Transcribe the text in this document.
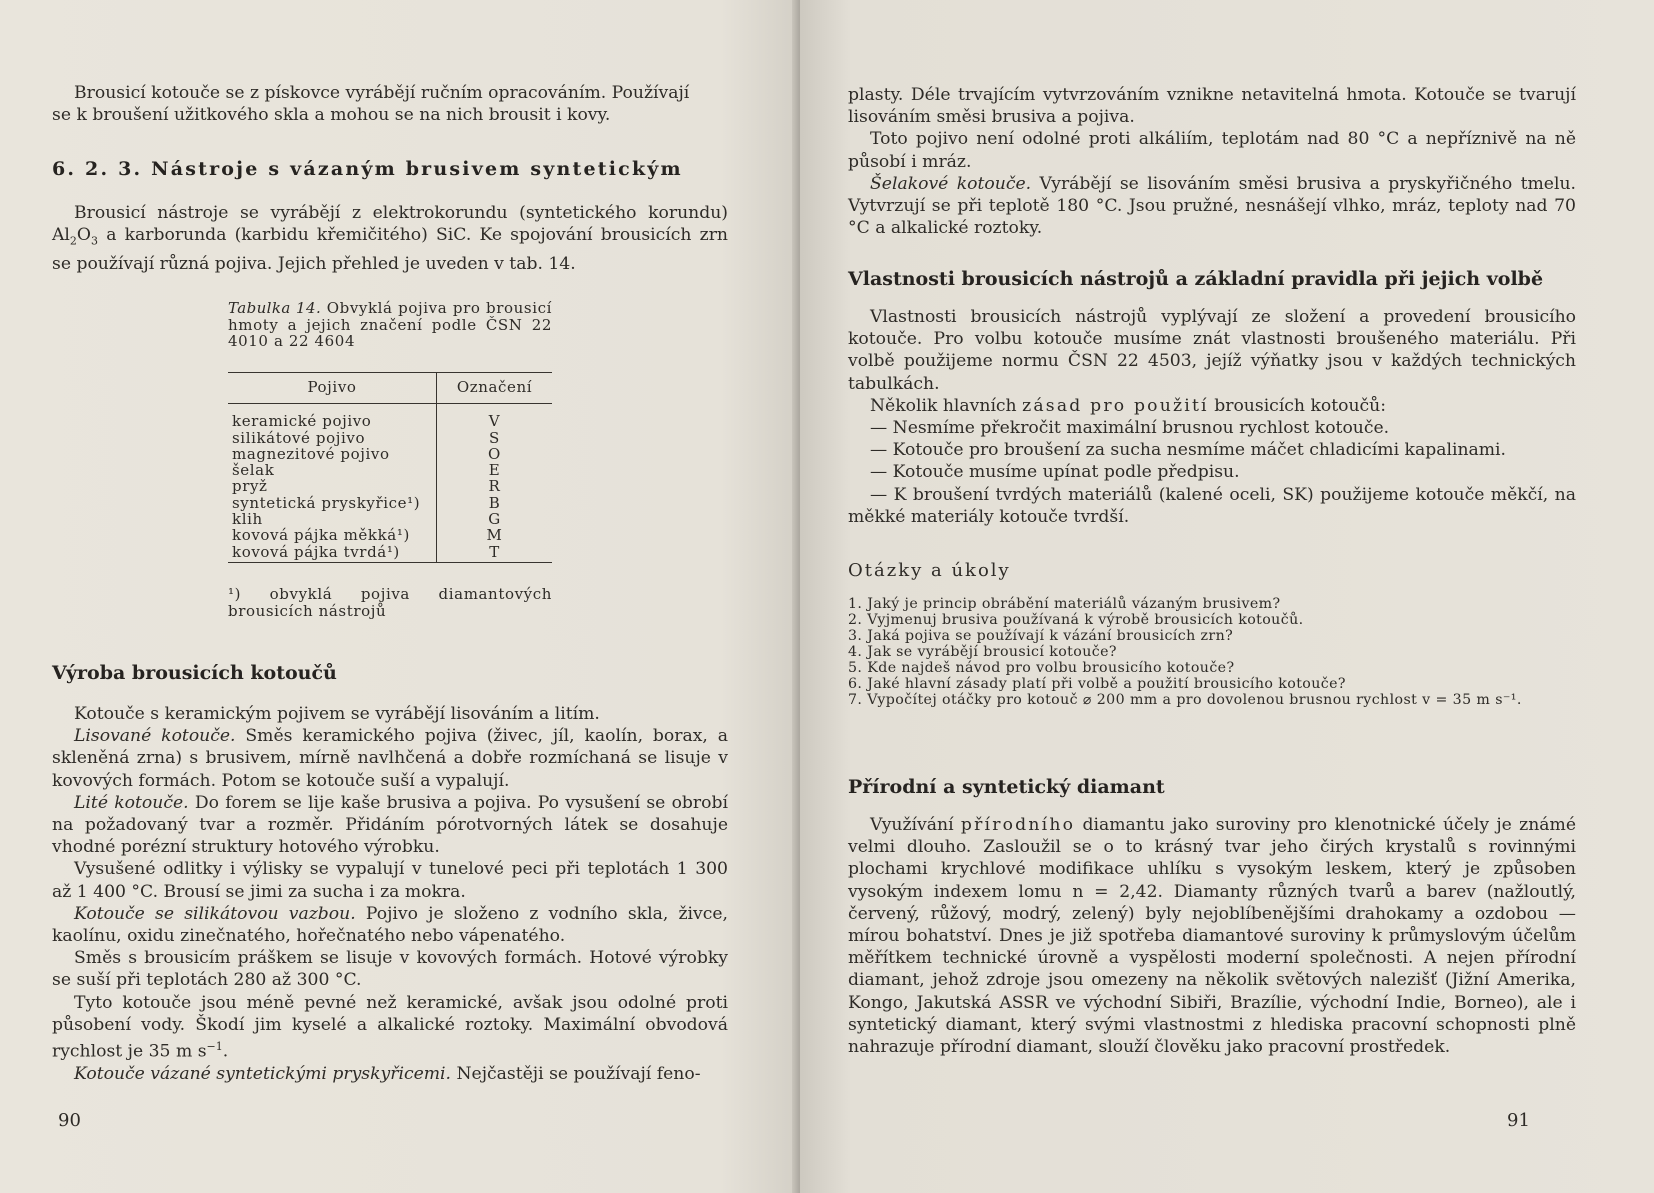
Brousicí kotouče se z pískovce vyrábějí ručním opracováním. Používají
se k broušení užitkového skla a mohou se na nich brousit i kovy.

6. 2. 3. Nástroje s vázaným brusivem syntetickým

Brousicí nástroje se vyrábějí z elektrokorundu (syntetického korundu) $Al_2O_3$ a karborunda (karbidu křemičitého) SiC. Ke spojování brousicích zrn se používají různá pojiva. Jejich přehled je uveden v tab. 14.

Tabulka 14. Obvyklá pojiva pro brousicí hmoty a jejich značení podle ČSN 22 4010 a 22 4604
Pojivo	Označení
keramické pojivo	V
silikátové pojivo	S
magnezitové pojivo	O
šelak	E
pryž	R
syntetická pryskyřice¹)	B
klih	G
kovová pájka měkká¹)	M
kovová pájka tvrdá¹)	T
¹) obvyklá pojiva diamantových brousicích nástrojů
Výroba brousicích kotoučů

Kotouče s keramickým pojivem se vyrábějí lisováním a litím.

Lisované kotouče. Směs keramického pojiva (živec, jíl, kaolín, borax, a skleněná zrna) s brusivem, mírně navlhčená a dobře rozmíchaná se lisuje v kovových formách. Potom se kotouče suší a vypalují.

Lité kotouče. Do forem se lije kaše brusiva a pojiva. Po vysušení se obrobí na požadovaný tvar a rozměr. Přidáním pórotvorných látek se dosahuje vhodné porézní struktury hotového výrobku.

Vysušené odlitky i výlisky se vypalují v tunelové peci při teplotách 1 300 až 1 400 °C. Brousí se jimi za sucha i za mokra.

Kotouče se silikátovou vazbou. Pojivo je složeno z vodního skla, živce, kaolínu, oxidu zinečnatého, hořečnatého nebo vápenatého.

Směs s brousicím práškem se lisuje v kovových formách. Hotové výrobky se suší při teplotách 280 až 300 °C.

Tyto kotouče jsou méně pevné než keramické, avšak jsou odolné proti působení vody. Škodí jim kyselé a alkalické roztoky. Maximální obvodová rychlost je 35 m $s^{-1}$.

Kotouče vázané syntetickými pryskyřicemi. Nejčastěji se používají feno-

90

plasty. Déle trvajícím vytvrzováním vznikne netavitelná hmota. Kotouče se tvarují lisováním směsi brusiva a pojiva.

Toto pojivo není odolné proti alkáliím, teplotám nad 80 °C a nepříznivě na ně působí i mráz.

Šelakové kotouče. Vyrábějí se lisováním směsi brusiva a pryskyřičného tmelu. Vytvrzují se při teplotě 180 °C. Jsou pružné, nesnášejí vlhko, mráz, teploty nad 70 °C a alkalické roztoky.

Vlastnosti brousicích nástrojů a základní pravidla při jejich volbě

Vlastnosti brousicích nástrojů vyplývají ze složení a provedení brousicího kotouče. Pro volbu kotouče musíme znát vlastnosti broušeného materiálu. Při volbě použijeme normu ČSN 22 4503, jejíž výňatky jsou v každých technických tabulkách.

Několik hlavních zásad pro použití brousicích kotoučů:

— Nesmíme překročit maximální brusnou rychlost kotouče.

— Kotouče pro broušení za sucha nesmíme máčet chladicími kapalinami.

— Kotouče musíme upínat podle předpisu.

— K broušení tvrdých materiálů (kalené oceli, SK) použijeme kotouče měkčí, na měkké materiály kotouče tvrdší.

Otázky a úkoly
1. Jaký je princip obrábění materiálů vázaným brusivem?
2. Vyjmenuj brusiva používaná k výrobě brousicích kotoučů.
3. Jaká pojiva se používají k vázání brousicích zrn?
4. Jak se vyrábějí brousicí kotouče?
5. Kde najdeš návod pro volbu brousicího kotouče?
6. Jaké hlavní zásady platí při volbě a použití brousicího kotouče?
7. Vypočítej otáčky pro kotouč ⌀ 200 mm a pro dovolenou brusnou rychlost v = 35 m s⁻¹.
Přírodní a syntetický diamant

Využívání přírodního diamantu jako suroviny pro klenotnické účely je známé velmi dlouho. Zasloužil se o to krásný tvar jeho čirých krystalů s rovinnými plochami krychlové modifikace uhlíku s vysokým leskem, který je způsoben vysokým indexem lomu n = 2,42. Diamanty různých tvarů a barev (nažloutlý, červený, růžový, modrý, zelený) byly nejoblíbenějšími drahokamy a ozdobou — mírou bohatství. Dnes je již spotřeba diamantové suroviny k průmyslovým účelům měřítkem technické úrovně a vyspělosti moderní společnosti. A nejen přírodní diamant, jehož zdroje jsou omezeny na několik světových nalezišť (Jižní Amerika, Kongo, Jakutská ASSR ve východní Sibiři, Brazílie, východní Indie, Borneo), ale i syntetický diamant, který svými vlastnostmi z hlediska pracovní schopnosti plně nahrazuje přírodní diamant, slouží člověku jako pracovní prostředek.

91
